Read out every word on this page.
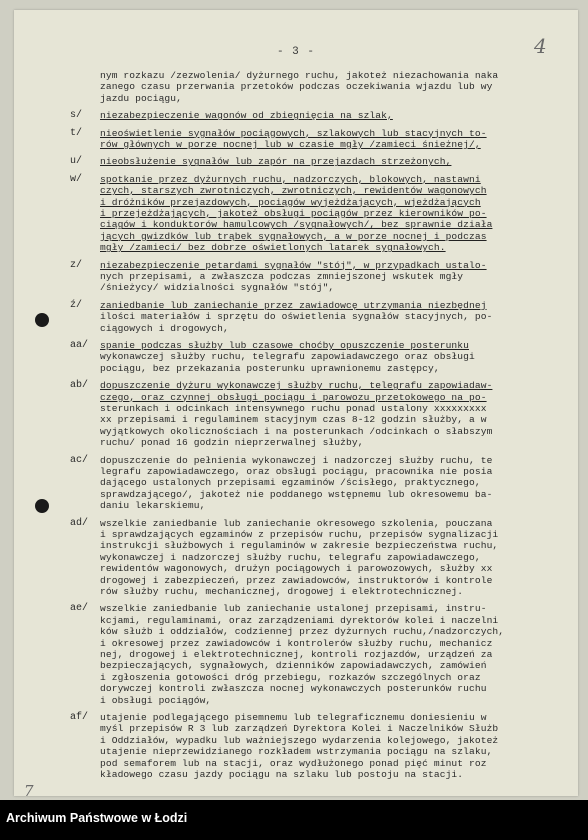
- 3 -	4
7
nym rozkazu /zezwolenia/ dyżurnego ruchu, jakoteż niezachowania naka
zanego czasu przerwania przetoków podczas oczekiwania wjazdu lub wy
jazdu pociągu,
s/ niezabezpieczenie wagonów od zbiegnięcia na szlak,
t/ nieoświetlenie sygnałów pociągowych, szlakowych lub stacyjnych to-
rów głównych w porze nocnej lub w czasie mgły /zamieci śnieżnej/,
u/ nieobsłużenie sygnałów lub zapór na przejazdach strzeżonych,
w/ spotkanie przez dyżurnych ruchu, nadzorczych, blokowych, nastawni
czych, starszych zwrotniczych, zwrotniczych, rewidentów wagonowych
i dróżników przejazdowych, pociągów wyjeżdżających, wjeżdżających
i przejeżdżających, jakoteż obsługi pociągów przez kierowników po-
ciągów i konduktorów hamulcowych /sygnałowych/, bez sprawnie działa
jących gwizdków lub trąbek sygnałowych, a w porze nocnej i podczas
mgły /zamieci/ bez dobrze oświetlonych latarek sygnałowych.
z/ niezabezpieczenie petardami sygnałów "stój", w przypadkach ustalo-
nych przepisami, a zwłaszcza podczas zmniejszonej wskutek mgły
/śnieżycy/ widzialności sygnałów "stój",
ź/ zaniedbanie lub zaniechanie przez zawiadowcę utrzymania niezbędnej
ilości materiałów i sprzętu do oświetlenia sygnałów stacyjnych, po-
ciągowych i drogowych,
aa/ spanie podczas służby lub czasowe choćby opuszczenie posterunku
wykonawczej służby ruchu, telegrafu zapowiadawczego oraz obsługi
pociągu, bez przekazania posterunku uprawnionemu zastępcy,
ab/ dopuszczenie dyżuru wykonawczej służby ruchu, telegrafu zapowiadaw-
czego, oraz czynnej obsługi pociągu i parowozu przetokowego na po-
sterunkach i odcinkach intensywnego ruchu ponad ustalony xxxxxxxxx
xx przepisami i regulaminem stacyjnym czas 8-12 godzin służby, a w
wyjątkowych okolicznościach i na posterunkach /odcinkach o słabszym
ruchu/ ponad 16 godzin nieprzerwalnej służby,
ac/ dopuszczenie do pełnienia wykonawczej i nadzorczej służby ruchu, te
legrafu zapowiadawczego, oraz obsługi pociągu, pracownika nie posia
dającego ustalonych przepisami egzaminów /ścisłego, praktycznego,
sprawdzającego/, jakoteż nie poddanego wstępnemu lub okresowemu ba-
daniu lekarskiemu,
ad/ wszelkie zaniedbanie lub zaniechanie okresowego szkolenia, pouczana
i sprawdzających egzaminów z przepisów ruchu, przepisów sygnalizacji
instrukcji służbowych i regulaminów w zakresie bezpieczeństwa ruchu,
wykonawczej i nadzorczej służby ruchu, telegrafu zapowiadawczego,
rewidentów wagonowych, drużyn pociągowych i parowozowych, służby xx
drogowej i zabezpieczeń, przez zawiadowców, instruktorów i kontrole
rów służby ruchu, mechanicznej, drogowej i elektrotechnicznej.
ae/ wszelkie zaniedbanie lub zaniechanie ustalonej przepisami, instru-
kcjami, regulaminami, oraz zarządzeniami dyrektorów kolei i naczelni
ków służb i oddziałów, codziennej przez dyżurnych ruchu,/nadzorczych,
i okresowej przez zawiadowców i kontrolerów służby ruchu, mechanicz
nej, drogowej i elektrotechnicznej, kontroli rozjazdów, urządzeń za
bezpieczających, sygnałowych, dzienników zapowiadawczych, zamówień
i zgłoszenia gotowości dróg przebiegu, rozkazów szczególnych oraz
dorywczej kontroli zwłaszcza nocnej wykonawczych posterunków ruchu
i obsługi pociągów,
af/ utajenie podlegającego pisemnemu lub telegraficznemu doniesieniu w
myśl przepisów R 3 lub zarządzeń Dyrektora Kolei i Naczelników Służb
i Oddziałów, wypadku lub ważniejszego wydarzenia kolejowego, jakoteż
utajenie nieprzewidzianego rozkładem wstrzymania pociągu na szlaku,
pod semaforem lub na stacji, oraz wydłużonego ponad pięć minut roz
kładowego czasu jazdy pociągu na szlaku lub postoju na stacji.
Archiwum Państwowe w Łodzi
